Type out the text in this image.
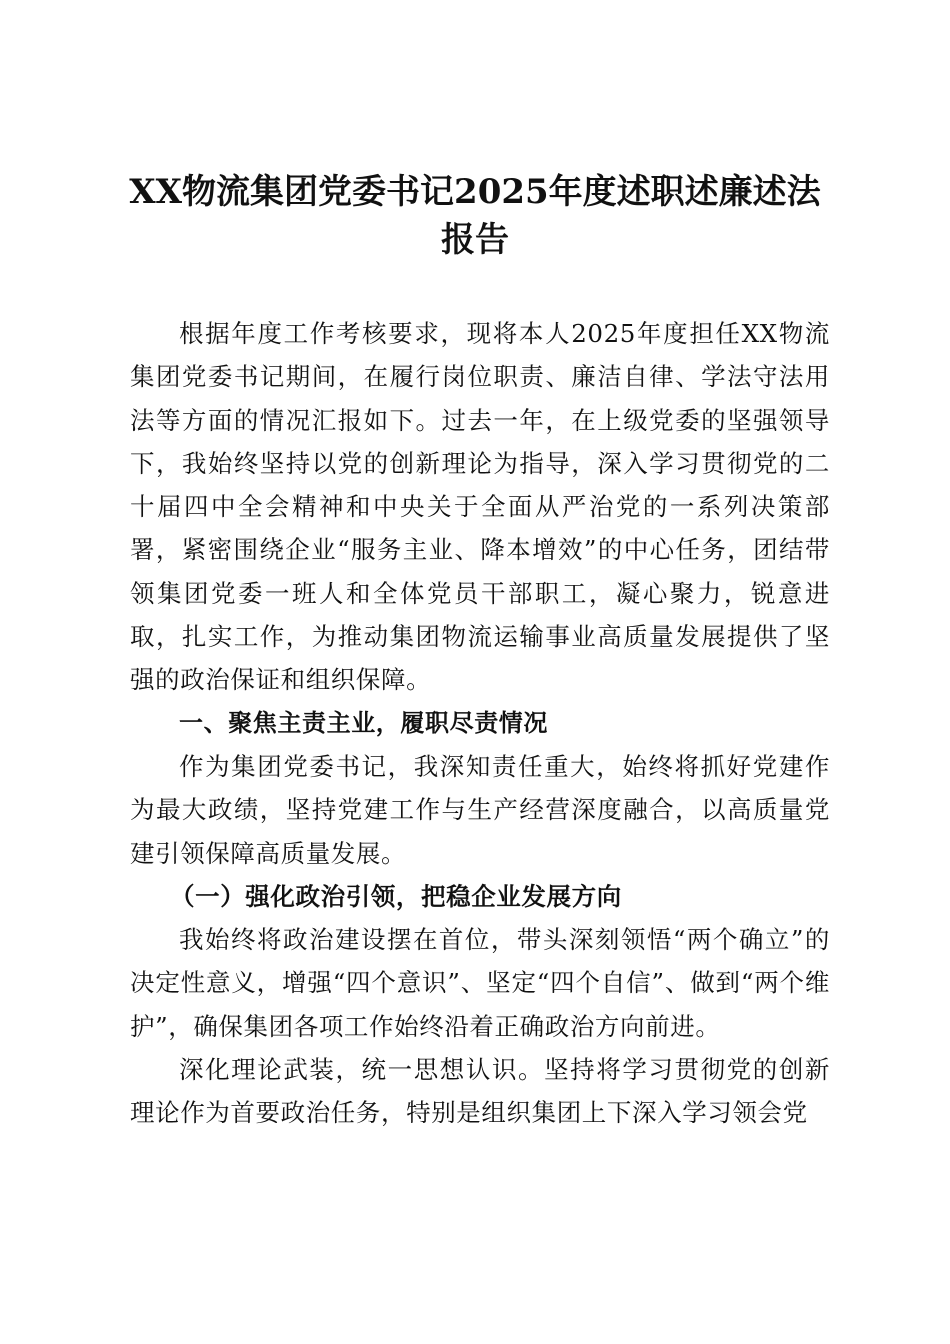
XX物流集团党委书记2025年度述职述廉述法
报告

根据年度工作考核要求，现将本人2025年度担任XX物流集团党委书记期间，在履行岗位职责、廉洁自律、学法守法用法等方面的情况汇报如下。过去一年，在上级党委的坚强领导下，我始终坚持以党的创新理论为指导，深入学习贯彻党的二十届四中全会精神和中央关于全面从严治党的一系列决策部署，紧密围绕企业“服务主业、降本增效”的中心任务，团结带领集团党委一班人和全体党员干部职工，凝心聚力，锐意进取，扎实工作，为推动集团物流运输事业高质量发展提供了坚强的政治保证和组织保障。

一、聚焦主责主业，履职尽责情况

作为集团党委书记，我深知责任重大，始终将抓好党建作为最大政绩，坚持党建工作与生产经营深度融合，以高质量党建引领保障高质量发展。

（一）强化政治引领，把稳企业发展方向

我始终将政治建设摆在首位，带头深刻领悟“两个确立”的决定性意义，增强“四个意识”、坚定“四个自信”、做到“两个维护”，确保集团各项工作始终沿着正确政治方向前进。

深化理论武装，统一思想认识。坚持将学习贯彻党的创新理论作为首要政治任务，特别是组织集团上下深入学习领会党
